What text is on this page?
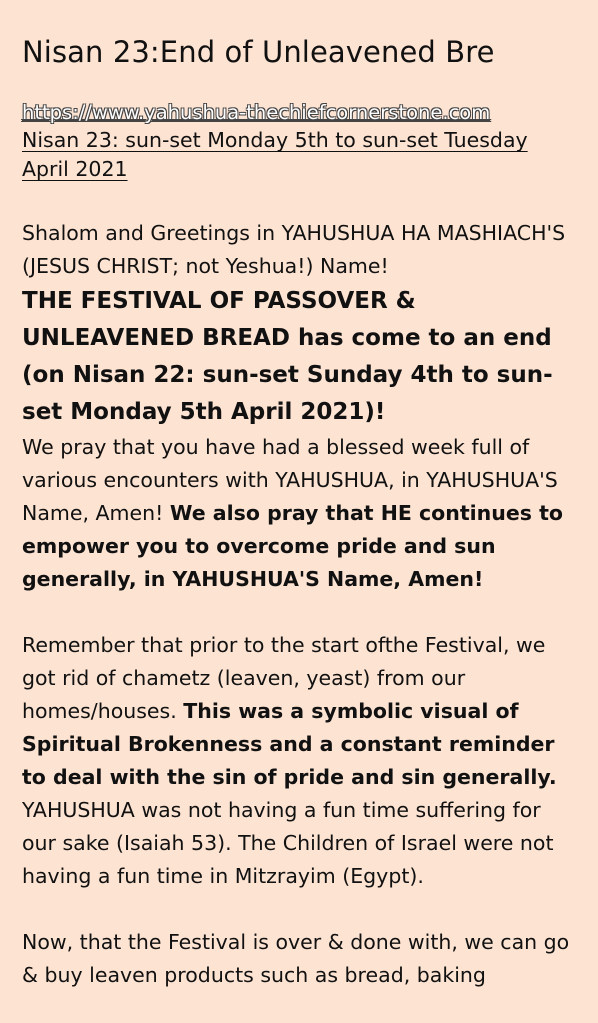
Nisan 23:End of Unleavened Bre
https://www.yahushua-thechiefcornerstone.com
Nisan 23: sun-set Monday 5th to sun-set Tuesday April 2021

Shalom and Greetings in YAHUSHUA HA MASHIACH'S (JESUS CHRIST; not Yeshua!) Name!

THE FESTIVAL OF PASSOVER & UNLEAVENED BREAD has come to an end (on Nisan 22: sun-set Sunday 4th to sun-set Monday 5th April 2021)!

We pray that you have had a blessed week full of various encounters with YAHUSHUA, in YAHUSHUA'S Name, Amen! We also pray that HE continues to empower you to overcome pride and sun generally, in YAHUSHUA'S Name, Amen!

Remember that prior to the start ofthe Festival, we got rid of chametz (leaven, yeast) from our homes/houses. This was a symbolic visual of Spiritual Brokenness and a constant reminder to deal with the sin of pride and sin generally. YAHUSHUA was not having a fun time suffering for our sake (Isaiah 53). The Children of Israel were not having a fun time in Mitzrayim (Egypt).

Now, that the Festival is over & done with, we can go & buy leaven products such as bread, baking
